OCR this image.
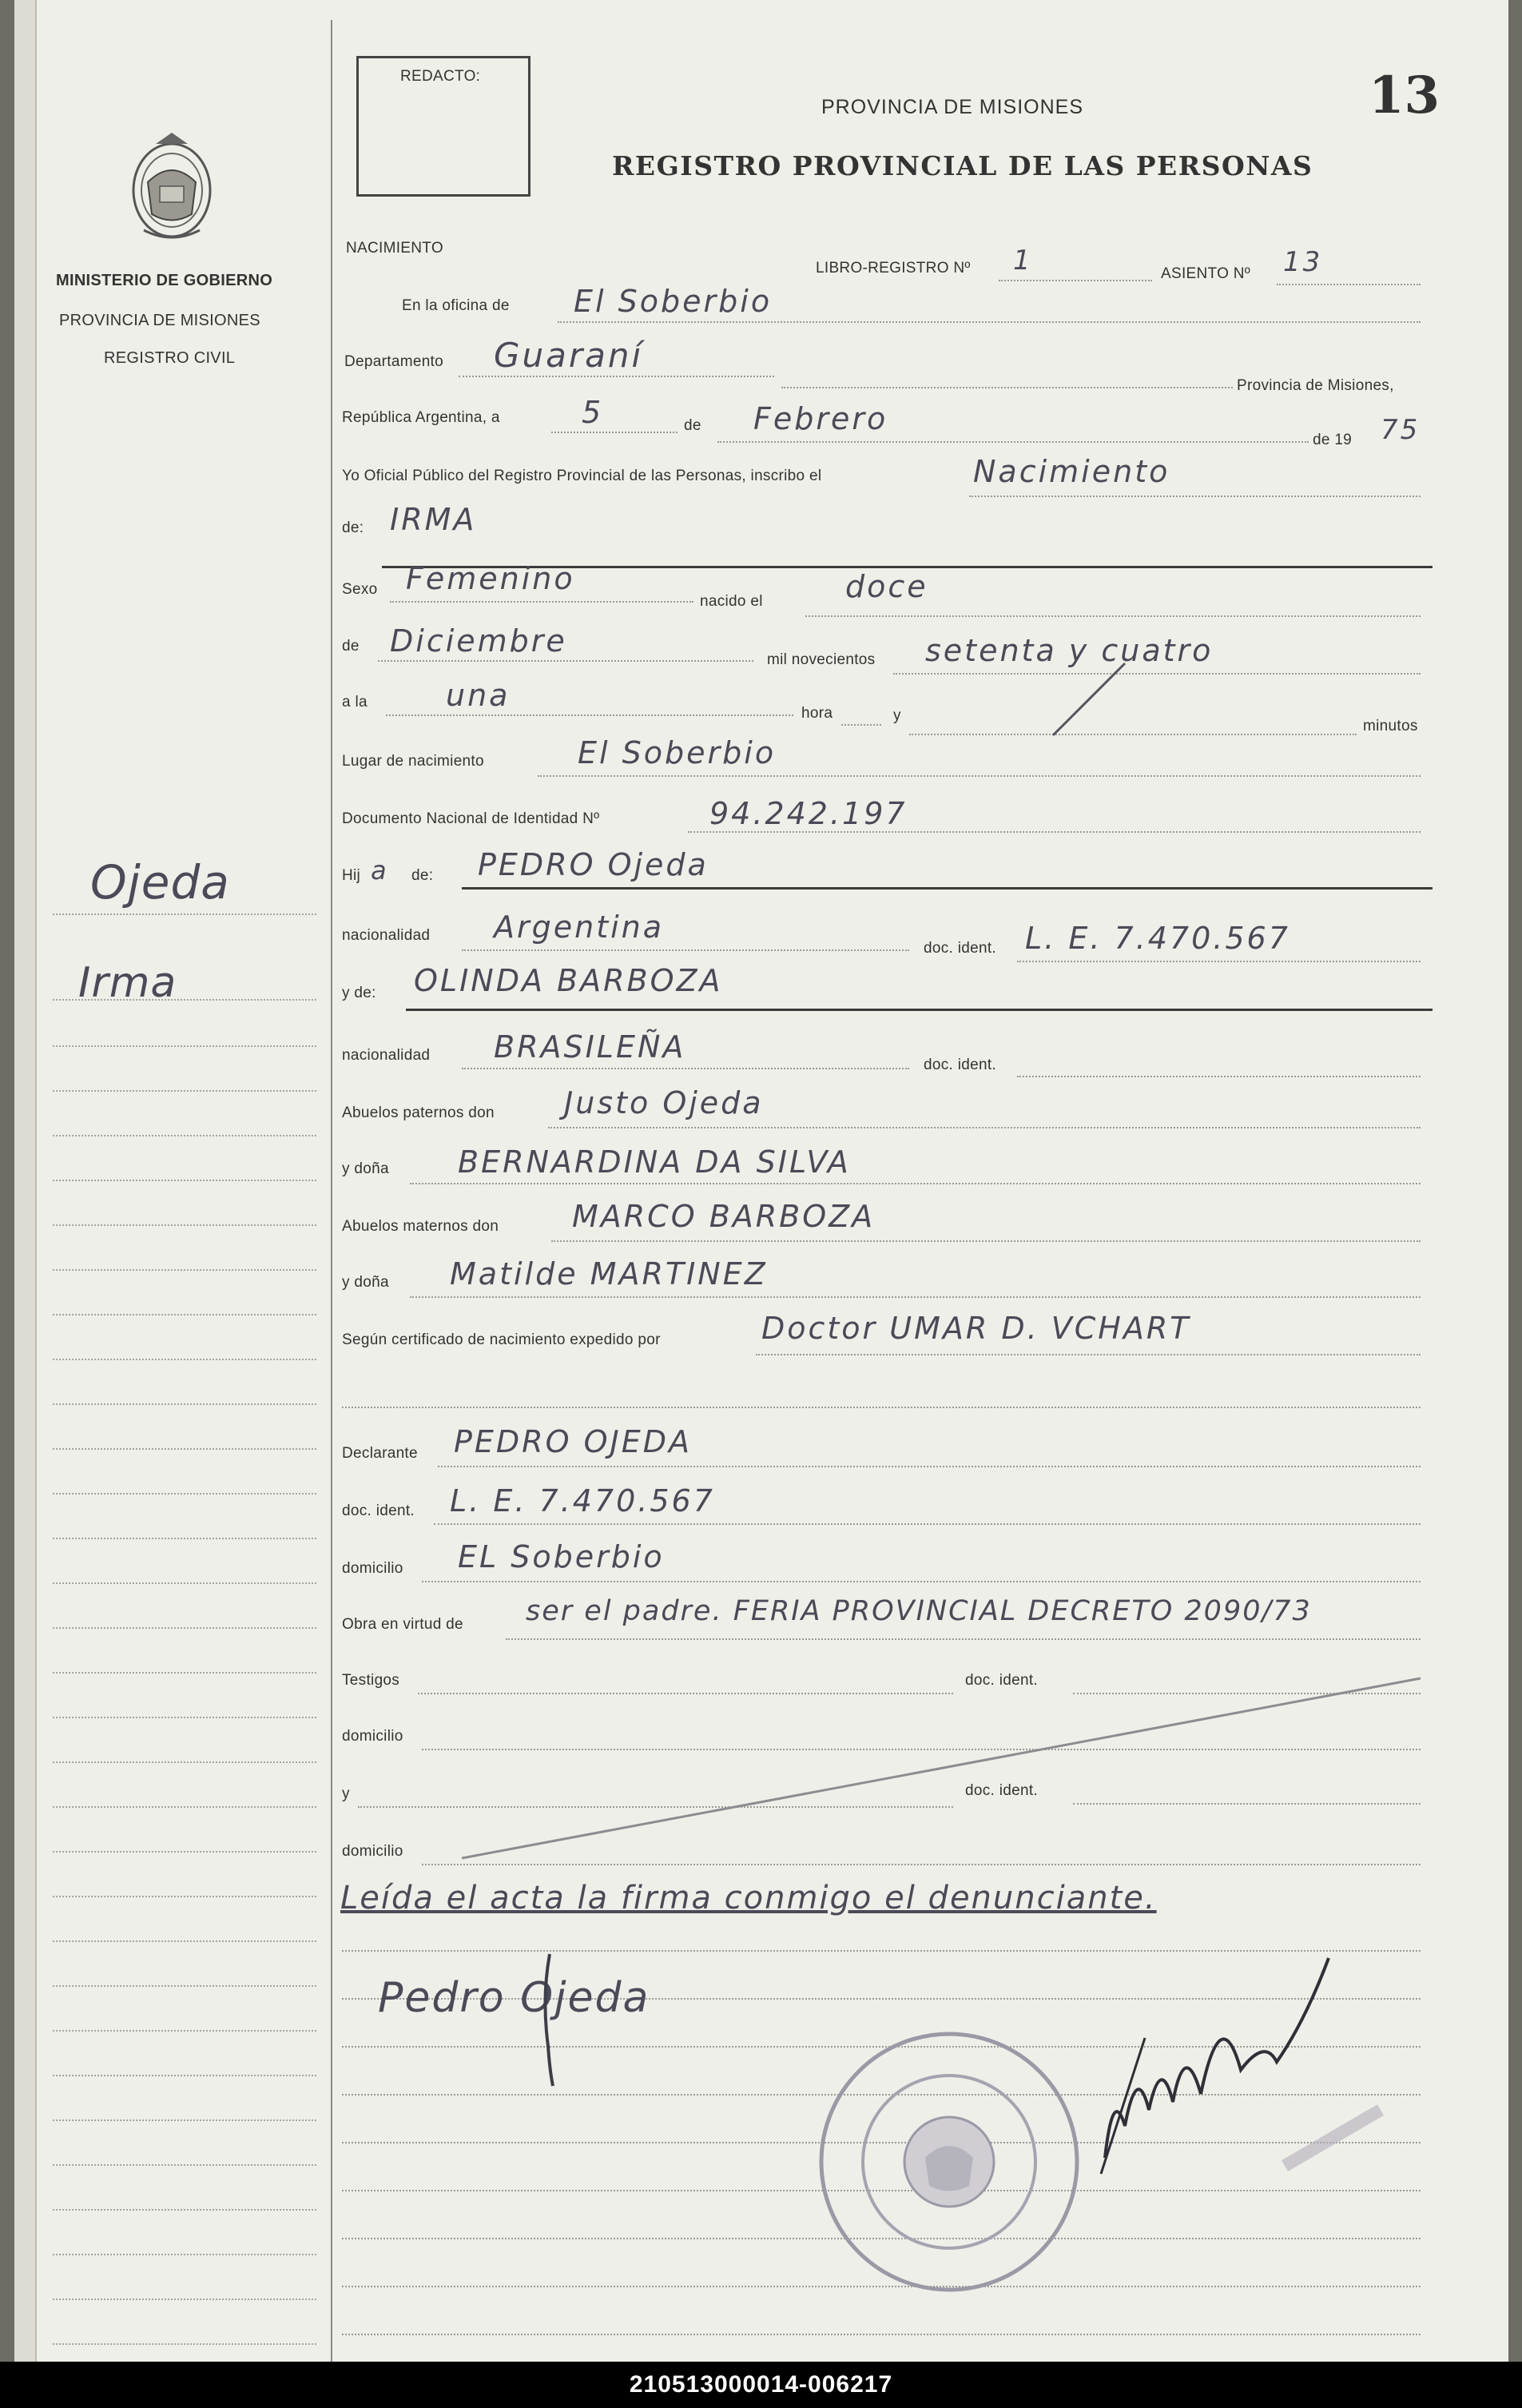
MINISTERIO DE GOBIERNO
PROVINCIA DE MISIONES
REGISTRO CIVIL
Ojeda
Irma
REDACTO:
PROVINCIA DE MISIONES
REGISTRO PROVINCIAL DE LAS PERSONAS
13
NACIMIENTO
LIBRO-REGISTRO Nº 1	ASIENTO Nº 13
En la oficina de El Soberbio
Departamento Guaraní
Provincia de Misiones,
República Argentina, a	5	de Febrero
de 19 75
Yo Oficial Público del Registro Provincial de las Personas, inscribo el	Nacimiento
de: IRMA
Sexo Femenino
nacido el	doce
de Diciembre
mil novecientos setenta y cuatro
a la	una
hora	y
minutos
Lugar de nacimiento	El Soberbio
Documento Nacional de Identidad Nº	94.242.197
Hij a de: PEDRO Ojeda
nacionalidad Argentina
doc. ident. L. E. 7.470.567
y de: OLINDA BARBOZA
nacionalidad BRASILEÑA
doc. ident.
Abuelos paternos don Justo Ojeda
y doña BERNARDINA DA SILVA
Abuelos maternos don MARCO BARBOZA
y doña Matilde MARTINEZ
Según certificado de nacimiento expedido por	Doctor UMAR D. VCHART
Declarante PEDRO OJEDA
doc. ident. L. E. 7.470.567
domicilio EL Soberbio
Obra en virtud de ser el padre. FERIA PROVINCIAL DECRETO 2090/73
Testigos	doc. ident.
domicilio
y	doc. ident.
domicilio
Leída el acta la firma conmigo el denunciante.
Pedro Ojeda
210513000014-006217
